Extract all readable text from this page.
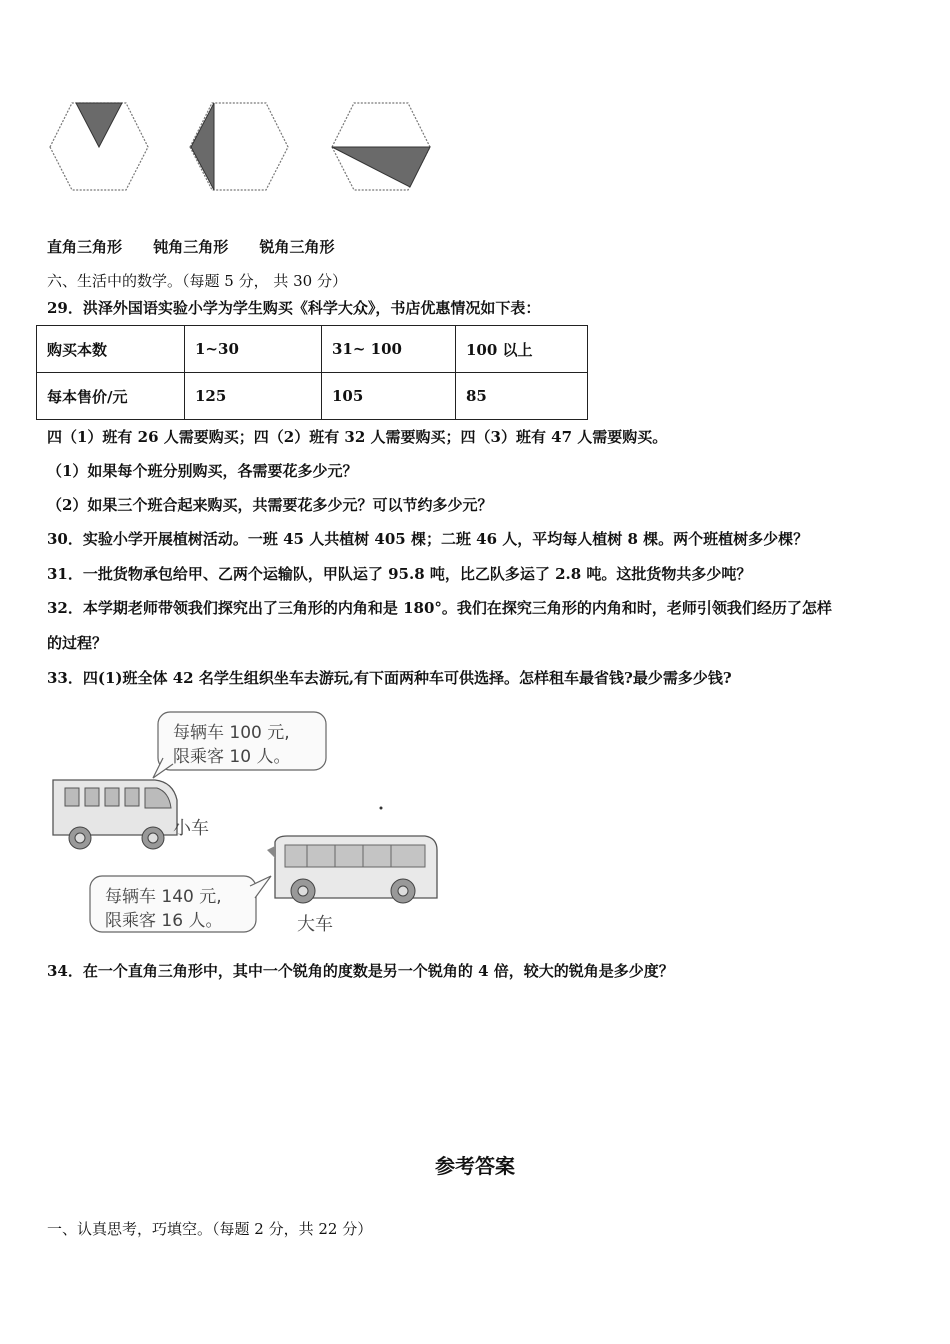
直角三角形 钝角三角形 锐角三角形
六、生活中的数学。（每题 5 分， 共 30 分）
29．洪泽外国语实验小学为学生购买《科学大众》，书店优惠情况如下表：
购买本数	1~30	31~ 100	100 以上
每本售价/元	125	105	85
四（1）班有 26 人需要购买；四（2）班有 32 人需要购买；四（3）班有 47 人需要购买。
（1）如果每个班分别购买，各需要花多少元？
（2）如果三个班合起来购买，共需要花多少元？可以节约多少元？
30．实验小学开展植树活动。一班 45 人共植树 405 棵；二班 46 人，平均每人植树 8 棵。两个班植树多少棵？
31．一批货物承包给甲、乙两个运输队，甲队运了 95.8 吨，比乙队多运了 2.8 吨。这批货物共多少吨？
32．本学期老师带领我们探究出了三角形的内角和是 180°。我们在探究三角形的内角和时，老师引领我们经历了怎样
的过程？
33．四(1)班全体 42 名学生组织坐车去游玩,有下面两种车可供选择。怎样租车最省钱?最少需多少钱?
每辆车 100 元,
限乘客 10 人。
小车
每辆车 140 元,
限乘客 16 人。	大车
34．在一个直角三角形中，其中一个锐角的度数是另一个锐角的 4 倍，较大的锐角是多少度？
参考答案
一、认真思考，巧填空。（每题 2 分，共 22 分）
